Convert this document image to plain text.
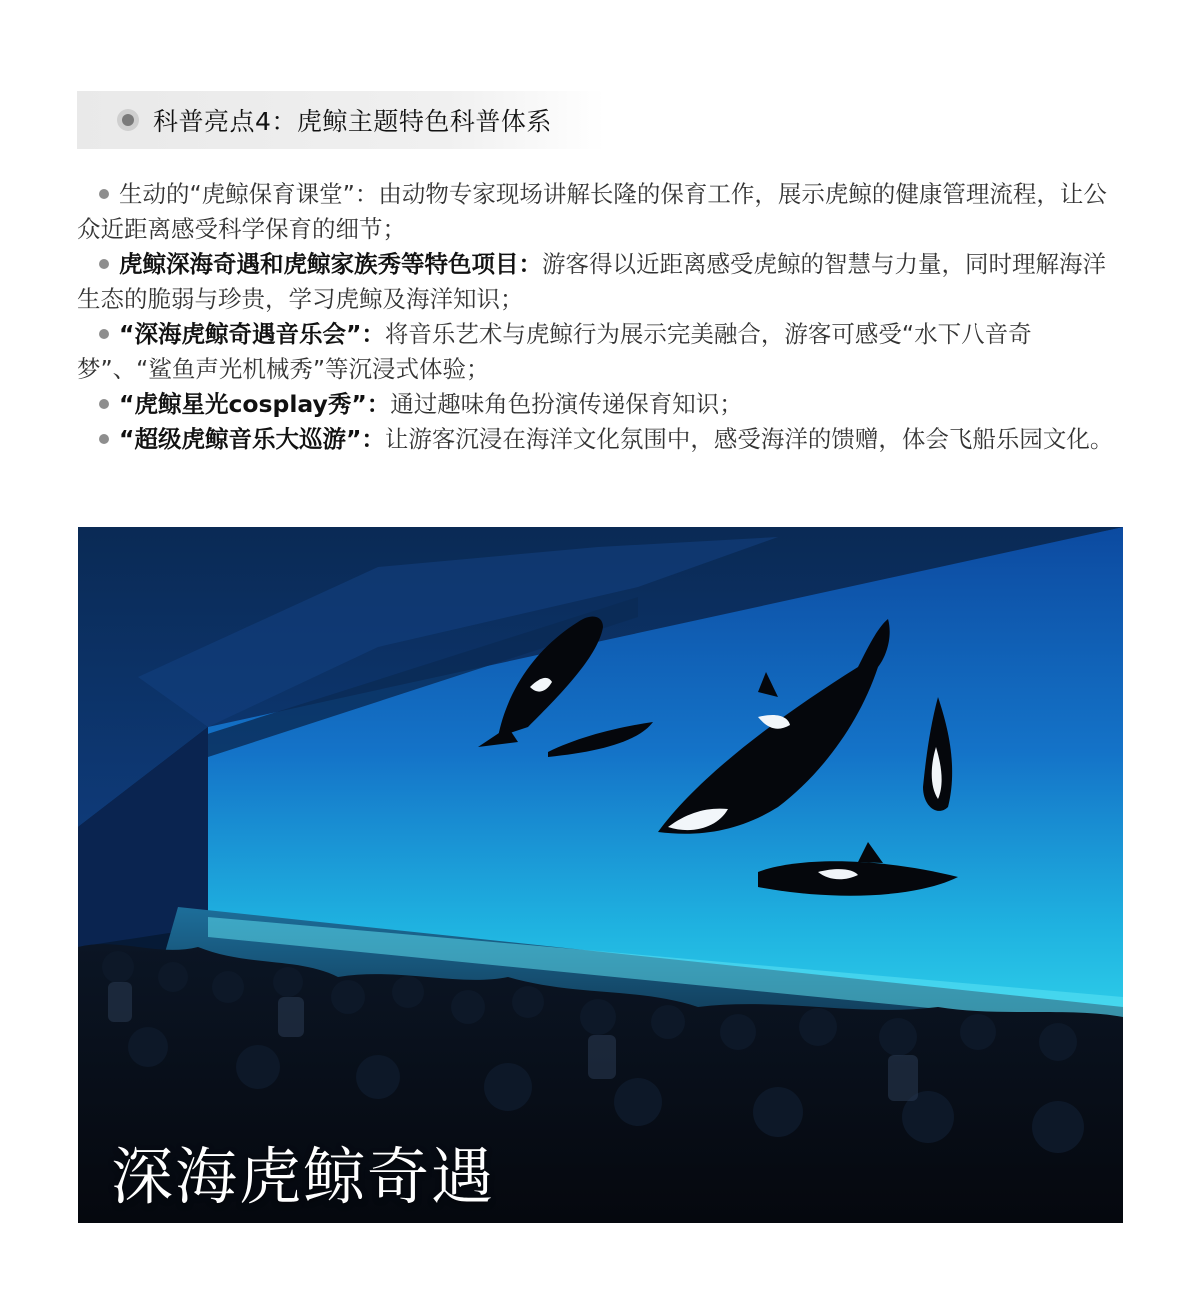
科普亮点4：虎鲸主题特色科普体系

生动的“虎鲸保育课堂”：由动物专家现场讲解长隆的保育工作，展示虎鲸的健康管理流程，让公众近距离感受科学保育的细节；

虎鲸深海奇遇和虎鲸家族秀等特色项目：游客得以近距离感受虎鲸的智慧与力量，同时理解海洋生态的脆弱与珍贵，学习虎鲸及海洋知识；

“深海虎鲸奇遇音乐会”：将音乐艺术与虎鲸行为展示完美融合，游客可感受“水下八音奇梦”、“鲨鱼声光机械秀”等沉浸式体验；

“虎鲸星光cosplay秀”：通过趣味角色扮演传递保育知识；

“超级虎鲸音乐大巡游”：让游客沉浸在海洋文化氛围中，感受海洋的馈赠，体会飞船乐园文化。

深海虎鲸奇遇
